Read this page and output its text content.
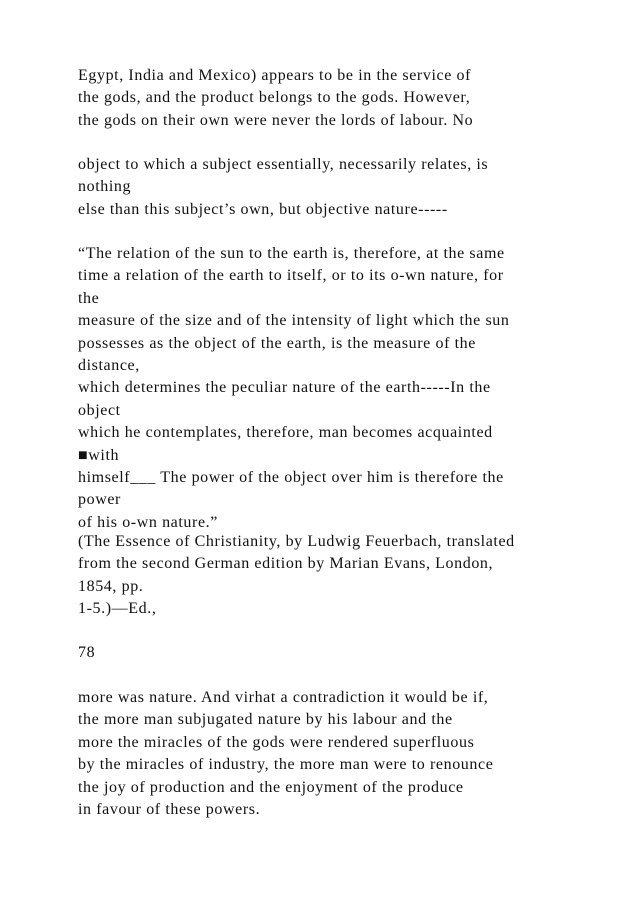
Egypt, India and Mexico) appears to be in the service of
the gods, and the product belongs to the gods. However,
the gods on their own were never the lords of labour. No
object to which a subject essentially, necessarily relates, is
nothing
else than this subject’s own, but objective nature-----
“The relation of the sun to the earth is, therefore, at the same
time a relation of the earth to itself, or to its o-wn nature, for
the
measure of the size and of the intensity of light which the sun
possesses as the object of the earth, is the measure of the
distance,
which determines the peculiar nature of the earth-----In the
object
which he contemplates, therefore, man becomes acquainted
■with
himself___ The power of the object over him is therefore the
power
of his o-wn nature.”
(The Essence of Christianity, by Ludwig Feuerbach, translated
from the second German edition by Marian Evans, London,
1854, pp.
1-5.)—Ed.,
78
more was nature. And virhat a contradiction it would be if,
the more man subjugated nature by his labour and the
more the miracles of the gods were rendered superfluous
by the miracles of industry, the more man were to renounce
the joy of production and the enjoyment of the produce
in favour of these powers.
